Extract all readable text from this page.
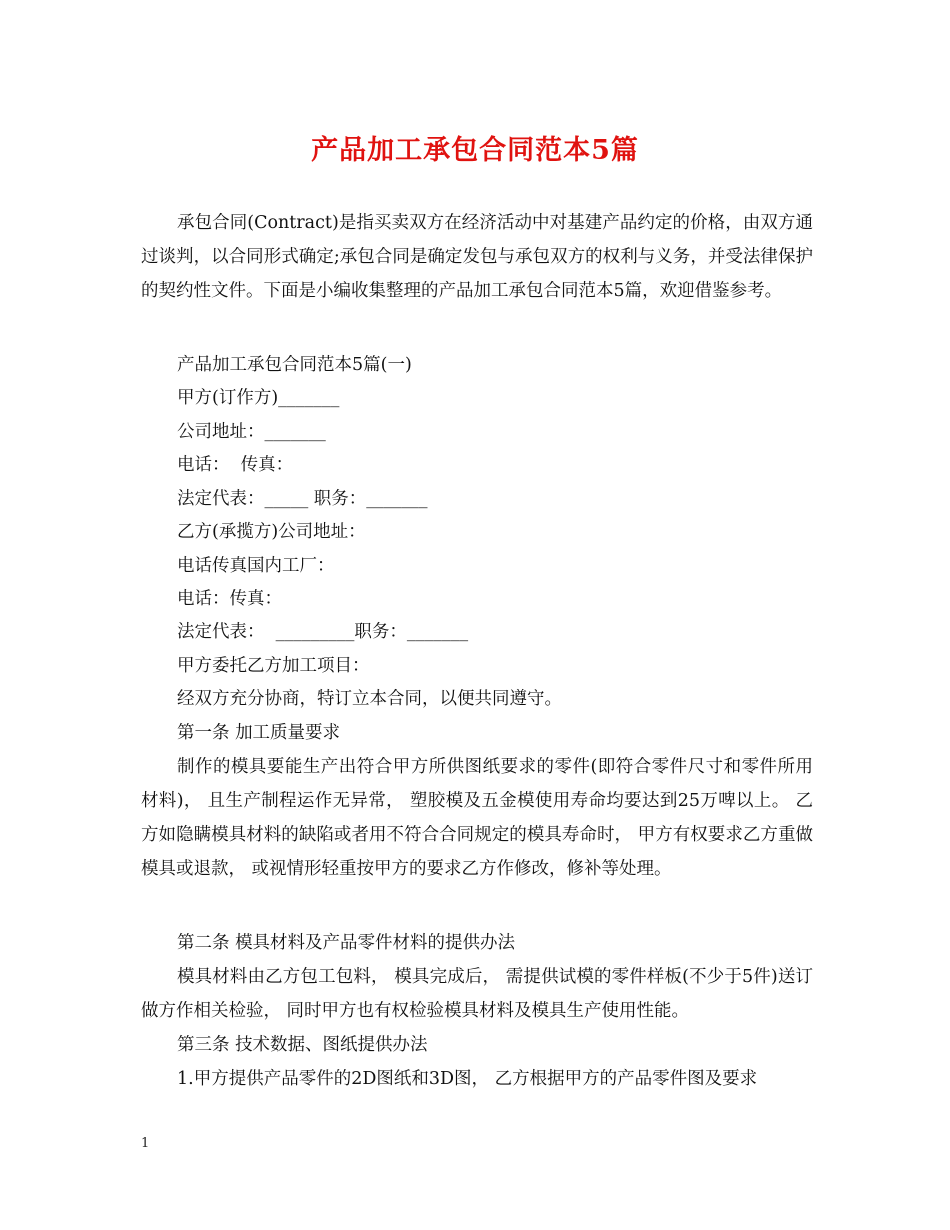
产品加工承包合同范本5篇

承包合同(Contract)是指买卖双方在经济活动中对基建产品约定的价格，由双方通过谈判，以合同形式确定;承包合同是确定发包与承包双方的权利与义务，并受法律保护的契约性文件。下面是小编收集整理的产品加工承包合同范本5篇，欢迎借鉴参考。

产品加工承包合同范本5篇(一)

甲方(订作方)_______

公司地址：_______

电话：  传真：

法定代表：_____ 职务：_______

乙方(承揽方)公司地址：

电话传真国内工厂：

电话：传真：

法定代表：  _________职务：_______

甲方委托乙方加工项目：

经双方充分协商，特订立本合同，以便共同遵守。

第一条 加工质量要求

制作的模具要能生产出符合甲方所供图纸要求的零件(即符合零件尺寸和零件所用材料)， 且生产制程运作无异常， 塑胶模及五金模使用寿命均要达到25万啤以上。 乙方如隐瞒模具材料的缺陷或者用不符合合同规定的模具寿命时， 甲方有权要求乙方重做模具或退款， 或视情形轻重按甲方的要求乙方作修改，修补等处理。

第二条 模具材料及产品零件材料的提供办法

模具材料由乙方包工包料， 模具完成后， 需提供试模的零件样板(不少于5件)送订做方作相关检验， 同时甲方也有权检验模具材料及模具生产使用性能。

第三条 技术数据、图纸提供办法

1.甲方提供产品零件的2D图纸和3D图， 乙方根据甲方的产品零件图及要求

1
